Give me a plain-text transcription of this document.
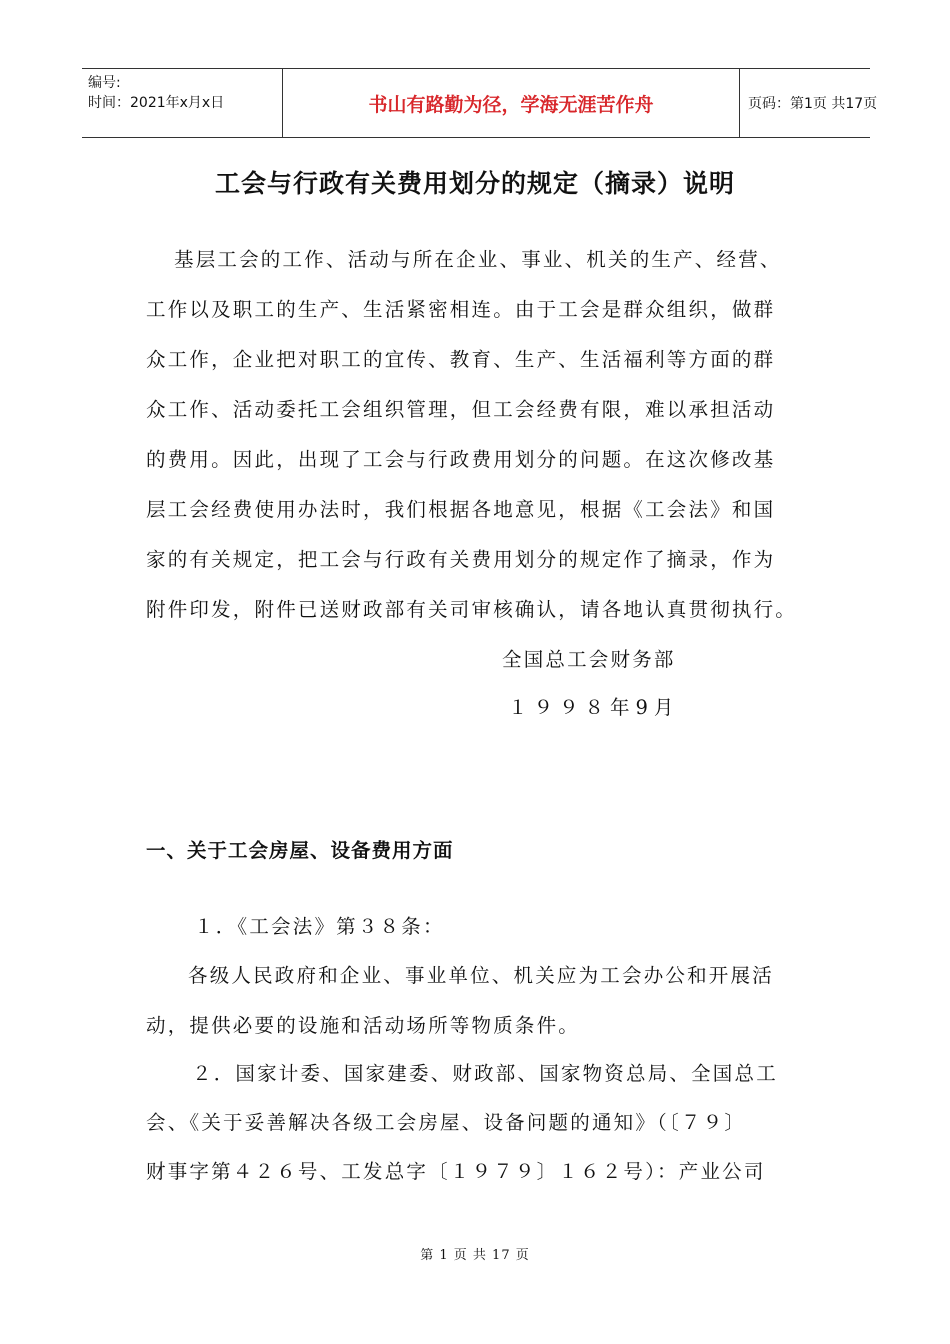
编号:
时间：2021年x月x日	书山有路勤为径，学海无涯苦作舟	页码：第1页 共17页
工会与行政有关费用划分的规定（摘录）说明
基层工会的工作、活动与所在企业、事业、机关的生产、经营、
工作以及职工的生产、生活紧密相连。由于工会是群众组织，做群
众工作，企业把对职工的宜传、教育、生产、生活福利等方面的群
众工作、活动委托工会组织管理，但工会经费有限，难以承担活动
的费用。因此，出现了工会与行政费用划分的问题。在这次修改基
层工会经费使用办法时，我们根据各地意见，根据《工会法》和国
家的有关规定，把工会与行政有关费用划分的规定作了摘录，作为
附件印发，附件已送财政部有关司审核确认，请各地认真贯彻执行。
全国总工会财务部
１９９８年9月
一、关于工会房屋、设备费用方面
１．《工会法》第３８条：
各级人民政府和企业、事业单位、机关应为工会办公和开展活
动，提供必要的设施和活动场所等物质条件。
２．国家计委、国家建委、财政部、国家物资总局、全国总工
会、《关于妥善解决各级工会房屋、设备问题的通知》（〔７９〕
财事字第４２６号、工发总字〔１９７９〕１６２号）：产业公司
第 1 页 共 17 页
